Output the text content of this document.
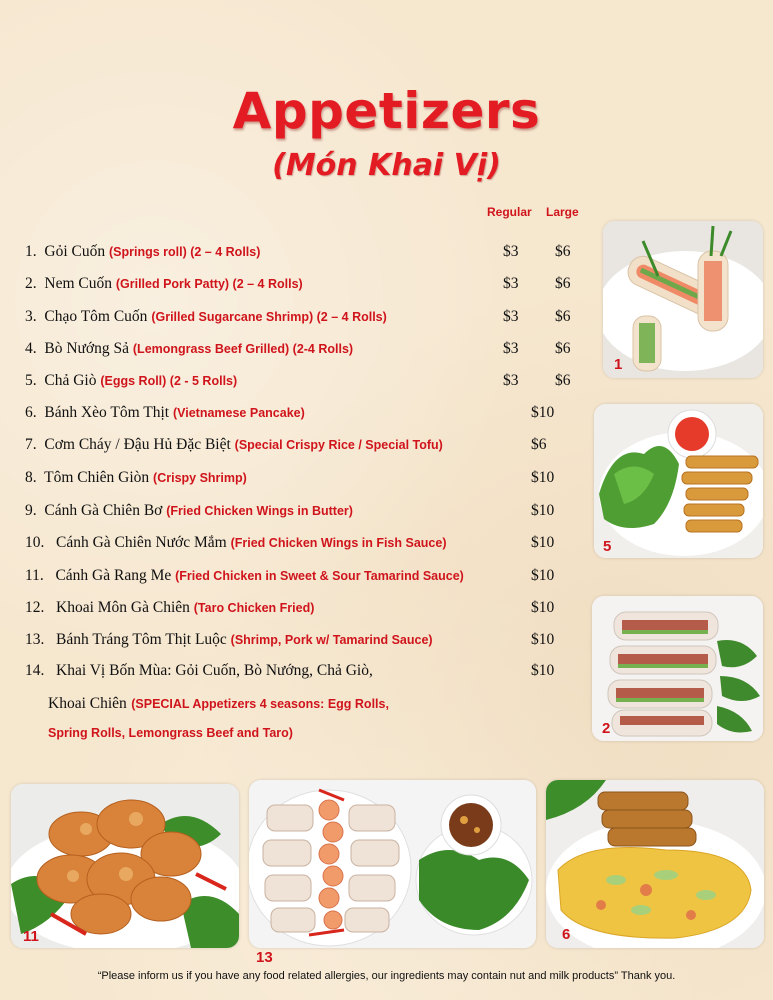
Appetizers
(Món Khai Vị)
Regular Large
1. Gỏi Cuốn (Springs roll) (2 – 4 Rolls)	$3 $6
2. Nem Cuốn (Grilled Pork Patty) (2 – 4 Rolls)	$3 $6
3. Chạo Tôm Cuốn (Grilled Sugarcane Shrimp) (2 – 4 Rolls)	$3 $6
4. Bò Nướng Sả (Lemongrass Beef Grilled) (2-4 Rolls)	$3 $6
5. Chả Giò (Eggs Roll) (2 - 5 Rolls)	$3 $6
6. Bánh Xèo Tôm Thịt (Vietnamese Pancake)	$10
7. Cơm Cháy / Đậu Hủ Đặc Biệt (Special Crispy Rice / Special Tofu)	$6
8. Tôm Chiên Giòn (Crispy Shrimp)	$10
9. Cánh Gà Chiên Bơ (Fried Chicken Wings in Butter)	$10
10. Cánh Gà Chiên Nước Mắm (Fried Chicken Wings in Fish Sauce)	$10
11. Cánh Gà Rang Me (Fried Chicken in Sweet & Sour Tamarind Sauce)	$10
12. Khoai Môn Gà Chiên (Taro Chicken Fried)	$10
13. Bánh Tráng Tôm Thịt Luộc (Shrimp, Pork w/ Tamarind Sauce)	$10
14. Khai Vị Bốn Mùa: Gỏi Cuốn, Bò Nướng, Chả Giò,	$10
Khoai Chiên (SPECIAL Appetizers 4 seasons: Egg Rolls,
Spring Rolls, Lemongrass Beef and Taro)
1
5
2
11
13
6
“Please inform us if you have any food related allergies, our ingredients may contain nut and milk products” Thank you.
